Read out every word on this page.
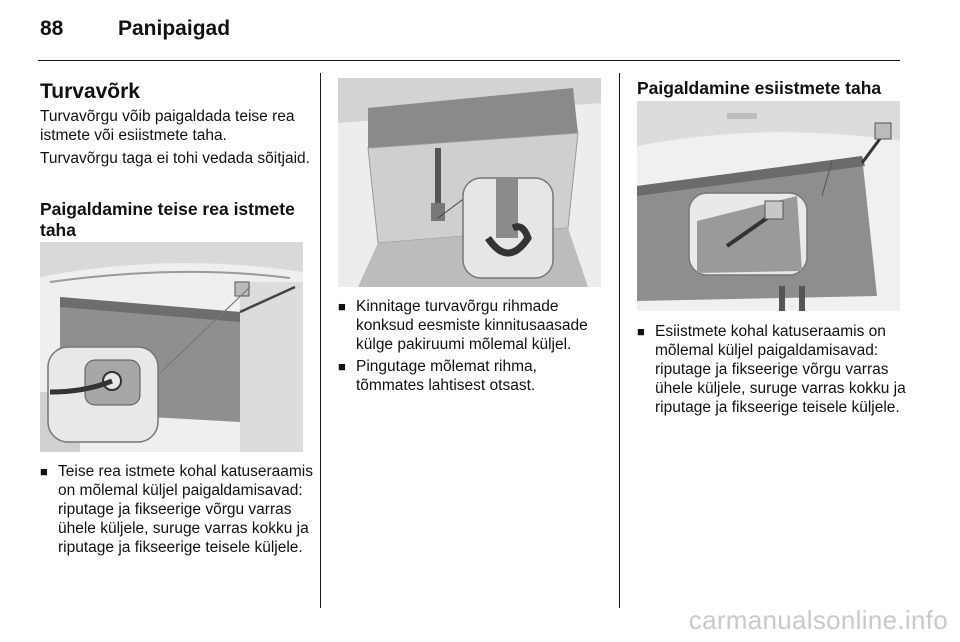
88	Panipaigad
Turvavõrk
Turvavõrgu võib paigaldada teise rea istmete või esiistmete taha.
Turvavõrgu taga ei tohi vedada sõitjaid.
Paigaldamine teise rea istmete taha
■ Teise rea istmete kohal katuseraamis on mõlemal küljel paigaldamisavad: riputage ja fikseerige võrgu varras ühele küljele, suruge varras kokku ja riputage ja fikseerige teisele küljele.
■ Kinnitage turvavõrgu rihmade konksud eesmiste kinnitusaasade külge pakiruumi mõlemal küljel.
■ Pingutage mõlemat rihma, tõmmates lahtisest otsast.
Paigaldamine esiistmete taha
■ Esiistmete kohal katuseraamis on mõlemal küljel paigaldamisavad: riputage ja fikseerige võrgu varras ühele küljele, suruge varras kokku ja riputage ja fikseerige teisele küljele.
carmanualsonline.info
